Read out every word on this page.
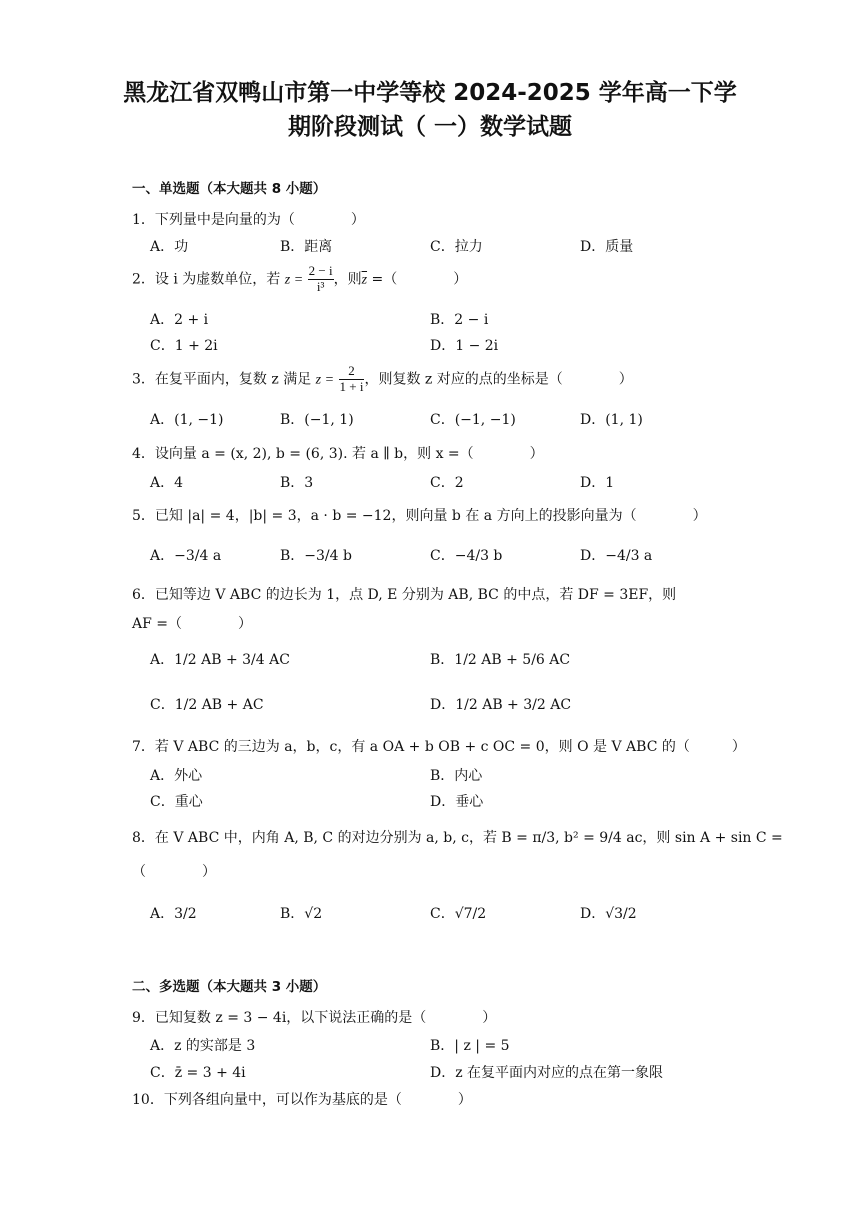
黑龙江省双鸭山市第一中学等校 2024-2025 学年高一下学
期阶段测试（ 一）数学试题
一、单选题（本大题共 8 小题）
1．下列量中是向量的为（　　　　）
A．功	B．距离	C．拉力	D．质量
2．设 i 为虚数单位，若 $z = \frac{2 - i}{\text{i³}}$ ，则$\overline{z}$ =（　　　　）
A．2 + i	B．2 − i
C．1 + 2i	D．1 − 2i
3．在复平面内，复数 z 满足 $z = \frac{2}{1 + i}$ ，则复数 z 对应的点的坐标是（　　　　）
A．(1, −1)	B．(−1, 1)	C．(−1, −1)	D．(1, 1)
4．设向量 a = (x, 2), b = (6, 3). 若 a ∥ b，则 x =（　　　　）
A．4	B．3	C．2	D．1
5．已知 |a| = 4，|b| = 3，a · b = −12，则向量 b 在 a 方向上的投影向量为（　　　　）
A．−3/4 a	B．−3/4 b	C．−4/3 b	D．−4/3 a
6．已知等边 V ABC 的边长为 1，点 D, E 分别为 AB, BC 的中点，若 DF = 3EF，则
AF =（　　　　）
A．1/2 AB + 3/4 AC	B．1/2 AB + 5/6 AC
C．1/2 AB + AC	D．1/2 AB + 3/2 AC
7．若 V ABC 的三边为 a，b，c，有 a OA + b OB + c OC = 0，则 O 是 V ABC 的（　　　）
A．外心	B．内心
C．重心	D．垂心
8．在 V ABC 中，内角 A, B, C 的对边分别为 a, b, c，若 B = π/3, b² = 9/4 ac，则 sin A + sin C =
（　　　　）
A．3/2	B．√2	C．√7/2	D．√3/2
二、多选题（本大题共 3 小题）
9．已知复数 z = 3 − 4i，以下说法正确的是（　　　　）
A．z 的实部是 3	B．| z | = 5
C．z̄ = 3 + 4i	D．z 在复平面内对应的点在第一象限
10．下列各组向量中，可以作为基底的是（　　　　）
